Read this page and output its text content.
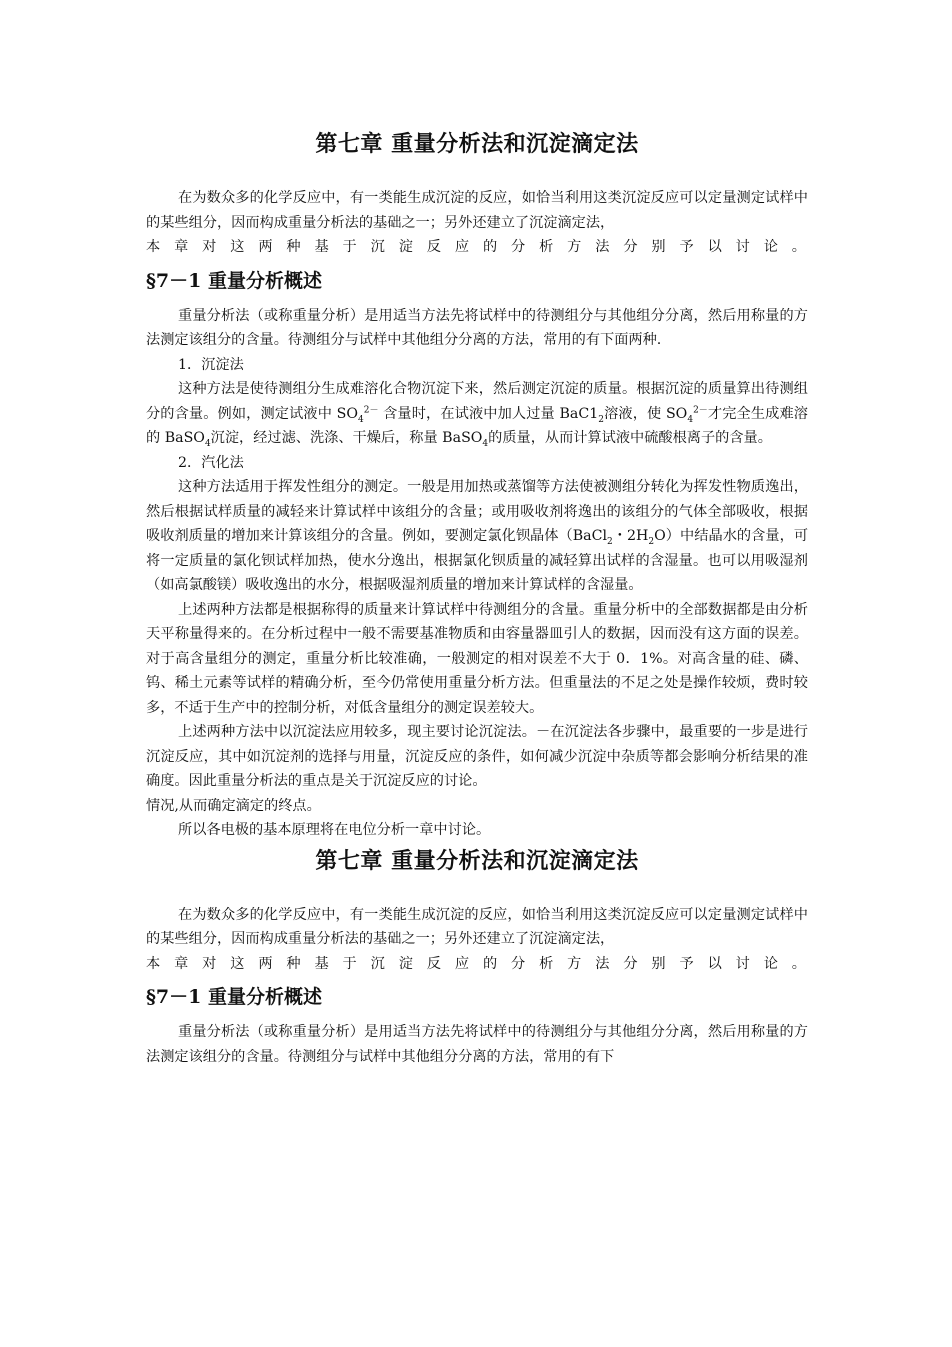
第七章 重量分析法和沉淀滴定法

在为数众多的化学反应中，有一类能生成沉淀的反应，如恰当利用这类沉淀反应可以定量测定试样中的某些组分，因而构成重量分析法的基础之一；另外还建立了沉淀滴定法，

本章对这两种基于沉淀反应的分析方法分别予以讨论。

§7－1 重量分析概述

重量分析法（或称重量分析）是用适当方法先将试样中的待测组分与其他组分分离，然后用称量的方法测定该组分的含量。待测组分与试样中其他组分分离的方法，常用的有下面两种.

1．沉淀法

这种方法是使待测组分生成难溶化合物沉淀下来，然后测定沉淀的质量。根据沉淀的质量算出待测组分的含量。例如，测定试液中 $SO_4^{2-}$ 含量时，在试液中加人过量 $BaC1_2$溶液，使 $SO_4^{2-}$才完全生成难溶的 BaSO$_4$沉淀，经过滤、洗涤、干燥后，称量 BaSO$_4$的质量，从而计算试液中硫酸根离子的含量。

2．汽化法

这种方法适用于挥发性组分的测定。一般是用加热或蒸馏等方法使被测组分转化为挥发性物质逸出，然后根据试样质量的减轻来计算试样中该组分的含量；或用吸收剂将逸出的该组分的气体全部吸收，根据吸收剂质量的增加来计算该组分的含量。例如，要测定氯化钡晶体（BaCl$_2$・$2H_2O$）中结晶水的含量，可将一定质量的氯化钡试样加热，使水分逸出，根据氯化钡质量的减轻算出试样的含湿量。也可以用吸湿剂（如高氯酸镁）吸收逸出的水分，根据吸湿剂质量的增加来计算试样的含湿量。

上述两种方法都是根据称得的质量来计算试样中待测组分的含量。重量分析中的全部数据都是由分析天平称量得来的。在分析过程中一般不需要基准物质和由容量器皿引人的数据，因而没有这方面的误差。对于高含量组分的测定，重量分析比较准确，一般测定的相对误差不大于 0．1%。对高含量的硅、磷、钨、稀土元素等试样的精确分析，至今仍常使用重量分析方法。但重量法的不足之处是操作较烦，费时较多，不适于生产中的控制分析，对低含量组分的测定误差较大。

上述两种方法中以沉淀法应用较多，现主要讨论沉淀法。－在沉淀法各步骤中，最重要的一步是进行沉淀反应，其中如沉淀剂的选择与用量，沉淀反应的条件，如何减少沉淀中杂质等都会影响分析结果的准确度。因此重量分析法的重点是关于沉淀反应的讨论。

情况,从而确定滴定的终点。

所以各电极的基本原理将在电位分析一章中讨论。

第七章 重量分析法和沉淀滴定法

在为数众多的化学反应中，有一类能生成沉淀的反应，如恰当利用这类沉淀反应可以定量测定试样中的某些组分，因而构成重量分析法的基础之一；另外还建立了沉淀滴定法，

本章对这两种基于沉淀反应的分析方法分别予以讨论。

§7－1 重量分析概述

重量分析法（或称重量分析）是用适当方法先将试样中的待测组分与其他组分分离，然后用称量的方法测定该组分的含量。待测组分与试样中其他组分分离的方法，常用的有下
